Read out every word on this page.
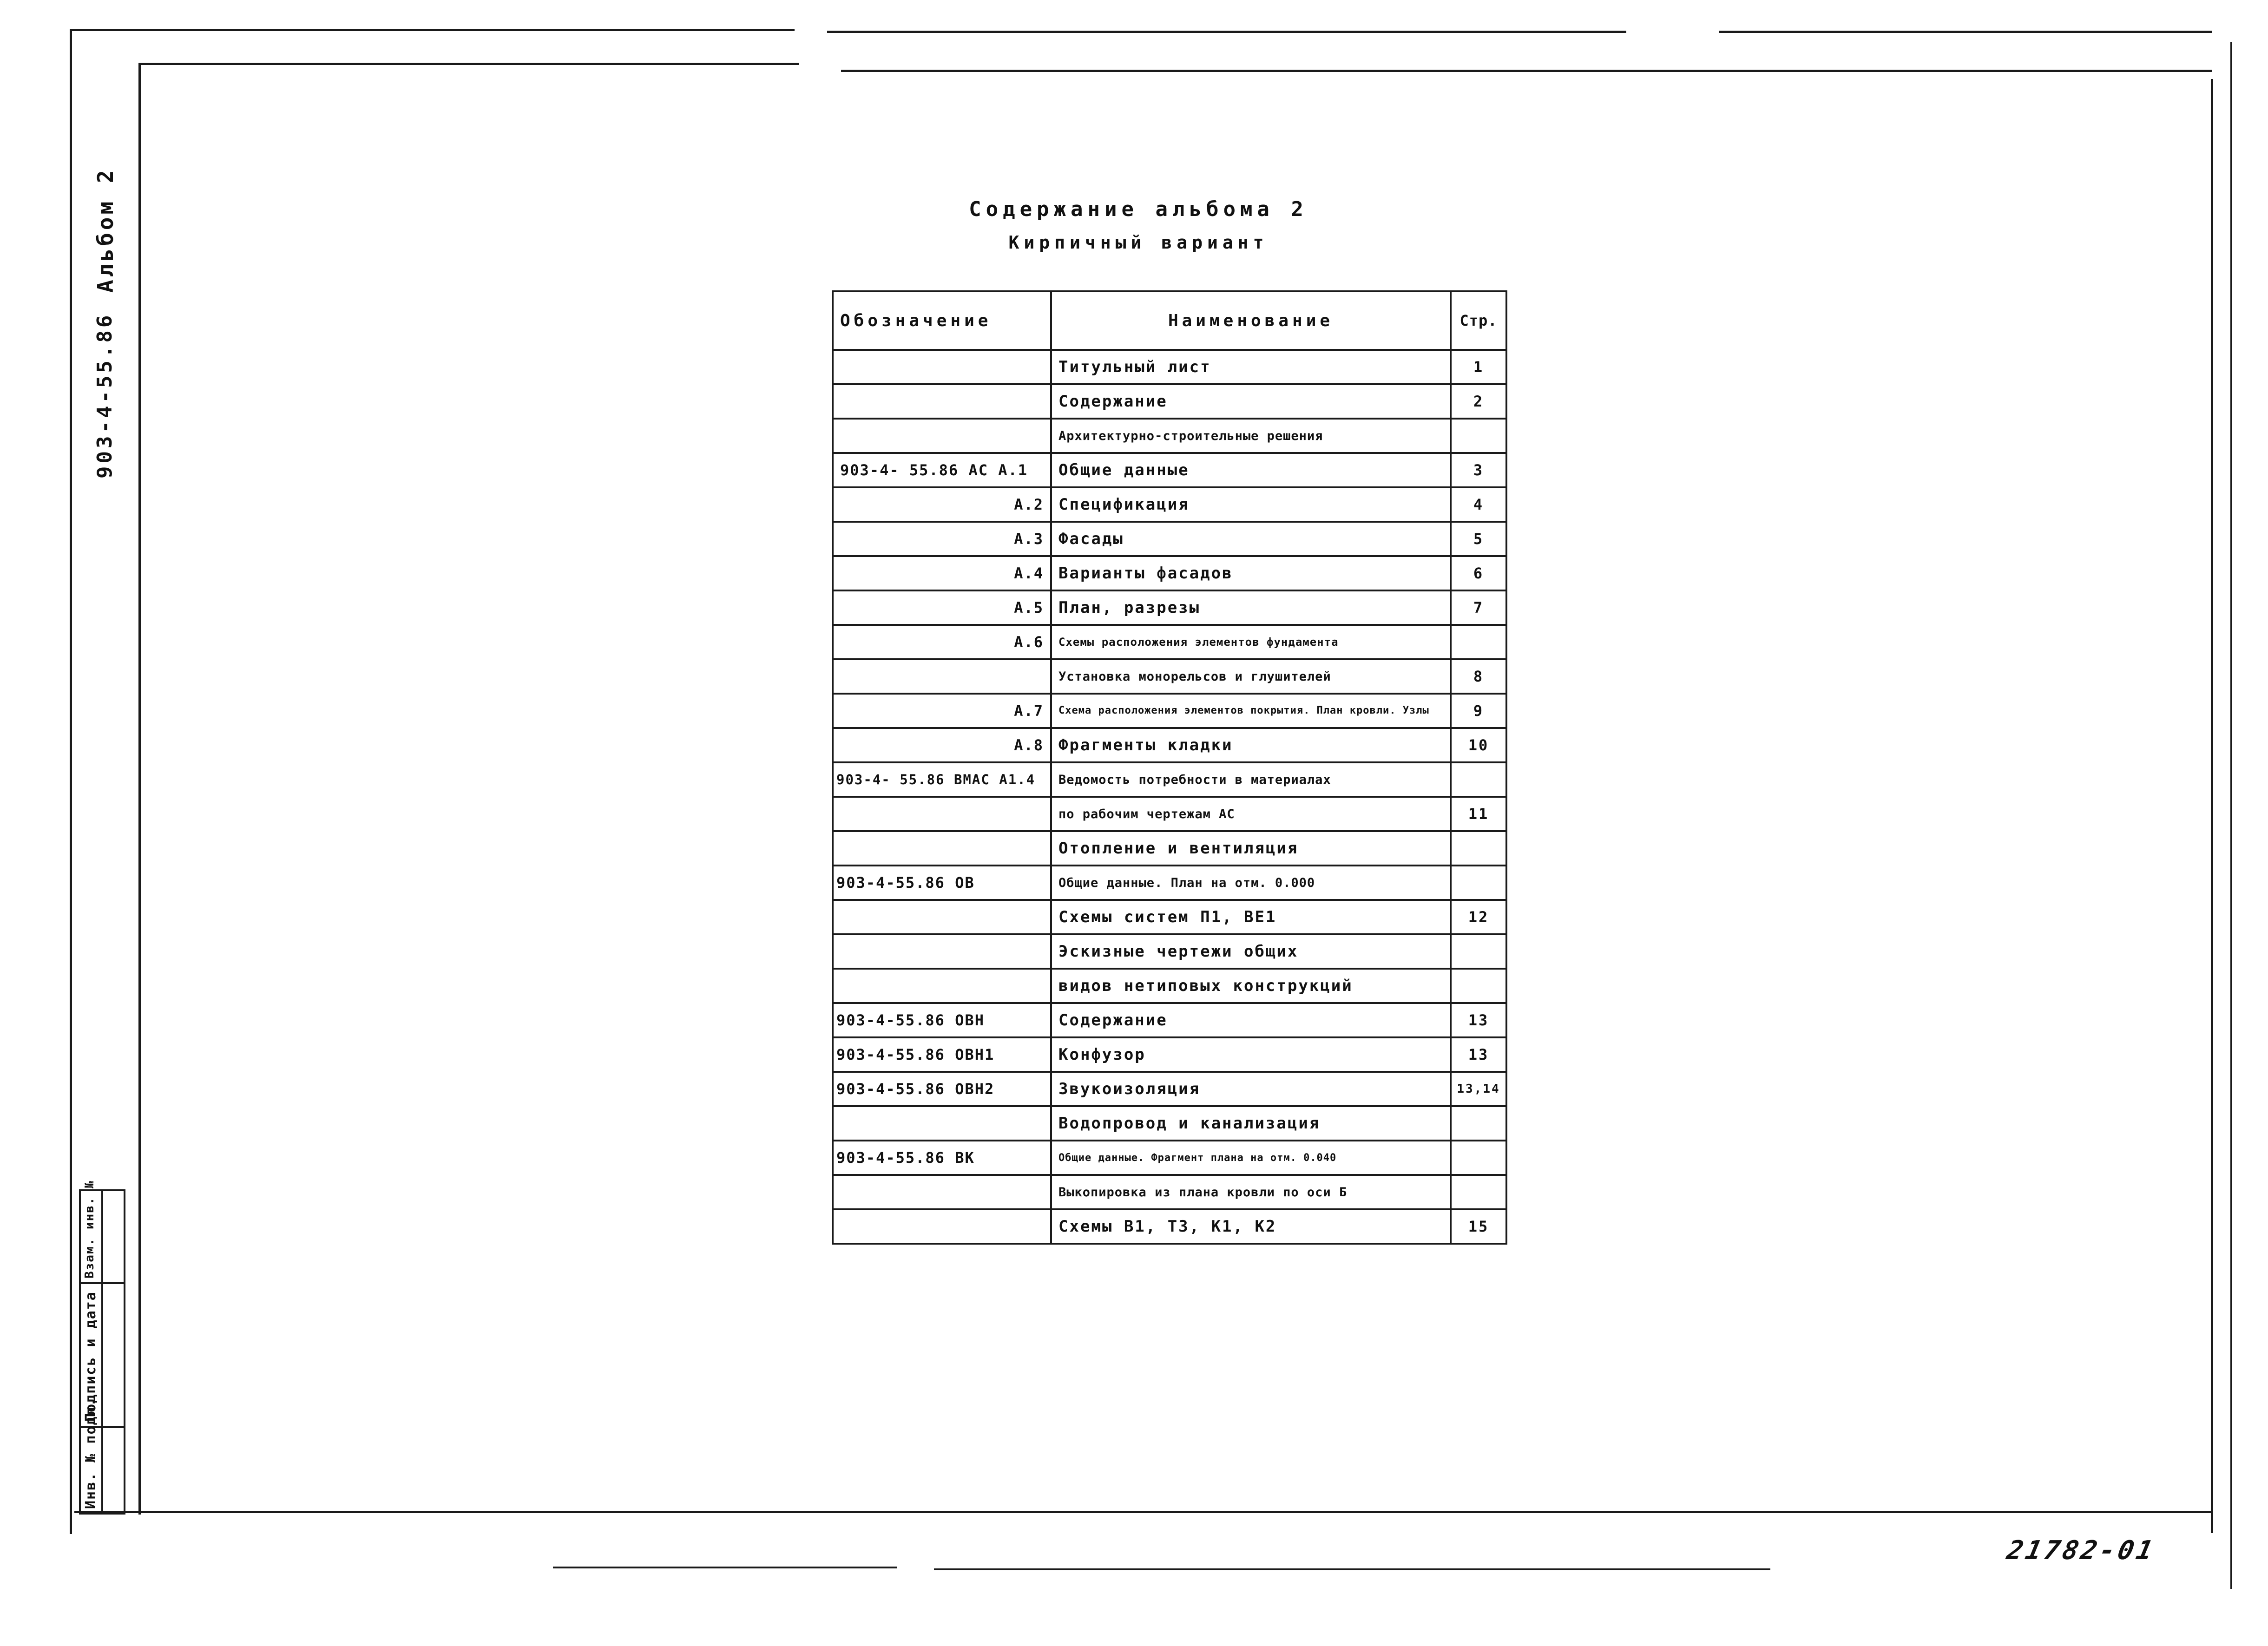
Альбом 2
903-4-55.86
Инв. № подл.
Подпись и дата
Взам. инв. №
Содержание альбома 2
Кирпичный вариант
Обозначение	Наименование	Стр.
	Титульный лист	1
	Содержание	2
	Архитектурно-строительные решения	
903-4- 55.86 АС А.1	Общие данные	3
А.2	Спецификация	4
А.3	Фасады	5
А.4	Варианты фасадов	6
А.5	План, разрезы	7
А.6	Схемы расположения элементов фундамента	
	Установка монорельсов и глушителей	8
А.7	Схема расположения элементов покрытия. План кровли. Узлы	9
А.8	Фрагменты кладки	10
903-4- 55.86 ВМАС А1.4	Ведомость потребности в материалах	
	по рабочим чертежам АС	11
	Отопление и вентиляция	
903-4-55.86 ОВ	Общие данные. План на отм. 0.000	
	Схемы систем П1, ВЕ1	12
	Эскизные чертежи общих	
	видов нетиповых конструкций	
903-4-55.86 ОВН	Содержание	13
903-4-55.86 ОВН1	Конфузор	13
903-4-55.86 ОВН2	Звукоизоляция	13,14
	Водопровод и канализация	
903-4-55.86 ВК	Общие данные. Фрагмент плана на отм. 0.040	
	Выкопировка из плана кровли по оси Б	
	Схемы В1, Т3, К1, К2	15
21782-01
